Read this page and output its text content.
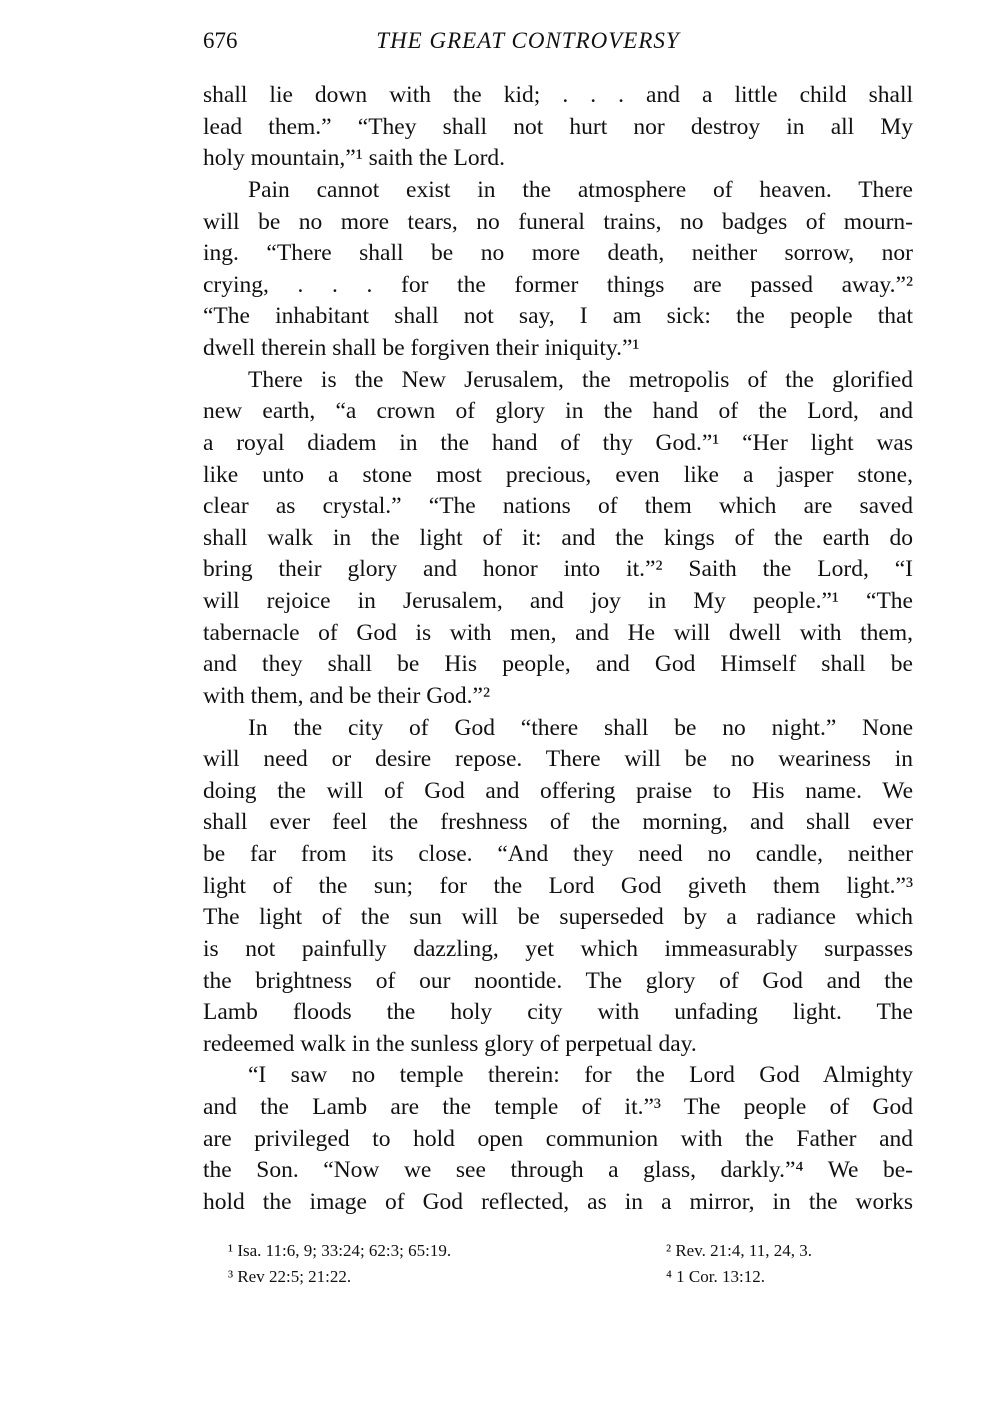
676	THE GREAT CONTROVERSY
shall lie down with the kid; . . . and a little child shall
lead them.” “They shall not hurt nor destroy in all My
holy mountain,”¹ saith the Lord.
Pain cannot exist in the atmosphere of heaven. There
will be no more tears, no funeral trains, no badges of mourn-
ing. “There shall be no more death, neither sorrow, nor
crying, . . . for the former things are passed away.”²
“The inhabitant shall not say, I am sick: the people that
dwell therein shall be forgiven their iniquity.”¹
There is the New Jerusalem, the metropolis of the glorified
new earth, “a crown of glory in the hand of the Lord, and
a royal diadem in the hand of thy God.”¹ “Her light was
like unto a stone most precious, even like a jasper stone,
clear as crystal.” “The nations of them which are saved
shall walk in the light of it: and the kings of the earth do
bring their glory and honor into it.”² Saith the Lord, “I
will rejoice in Jerusalem, and joy in My people.”¹ “The
tabernacle of God is with men, and He will dwell with them,
and they shall be His people, and God Himself shall be
with them, and be their God.”²
In the city of God “there shall be no night.” None
will need or desire repose. There will be no weariness in
doing the will of God and offering praise to His name. We
shall ever feel the freshness of the morning, and shall ever
be far from its close. “And they need no candle, neither
light of the sun; for the Lord God giveth them light.”³
The light of the sun will be superseded by a radiance which
is not painfully dazzling, yet which immeasurably surpasses
the brightness of our noontide. The glory of God and the
Lamb floods the holy city with unfading light. The
redeemed walk in the sunless glory of perpetual day.
“I saw no temple therein: for the Lord God Almighty
and the Lamb are the temple of it.”³ The people of God
are privileged to hold open communion with the Father and
the Son. “Now we see through a glass, darkly.”⁴ We be-
hold the image of God reflected, as in a mirror, in the works
¹ Isa. 11:6, 9; 33:24; 62:3; 65:19.	² Rev. 21:4, 11, 24, 3.
³ Rev 22:5; 21:22.	⁴ 1 Cor. 13:12.
